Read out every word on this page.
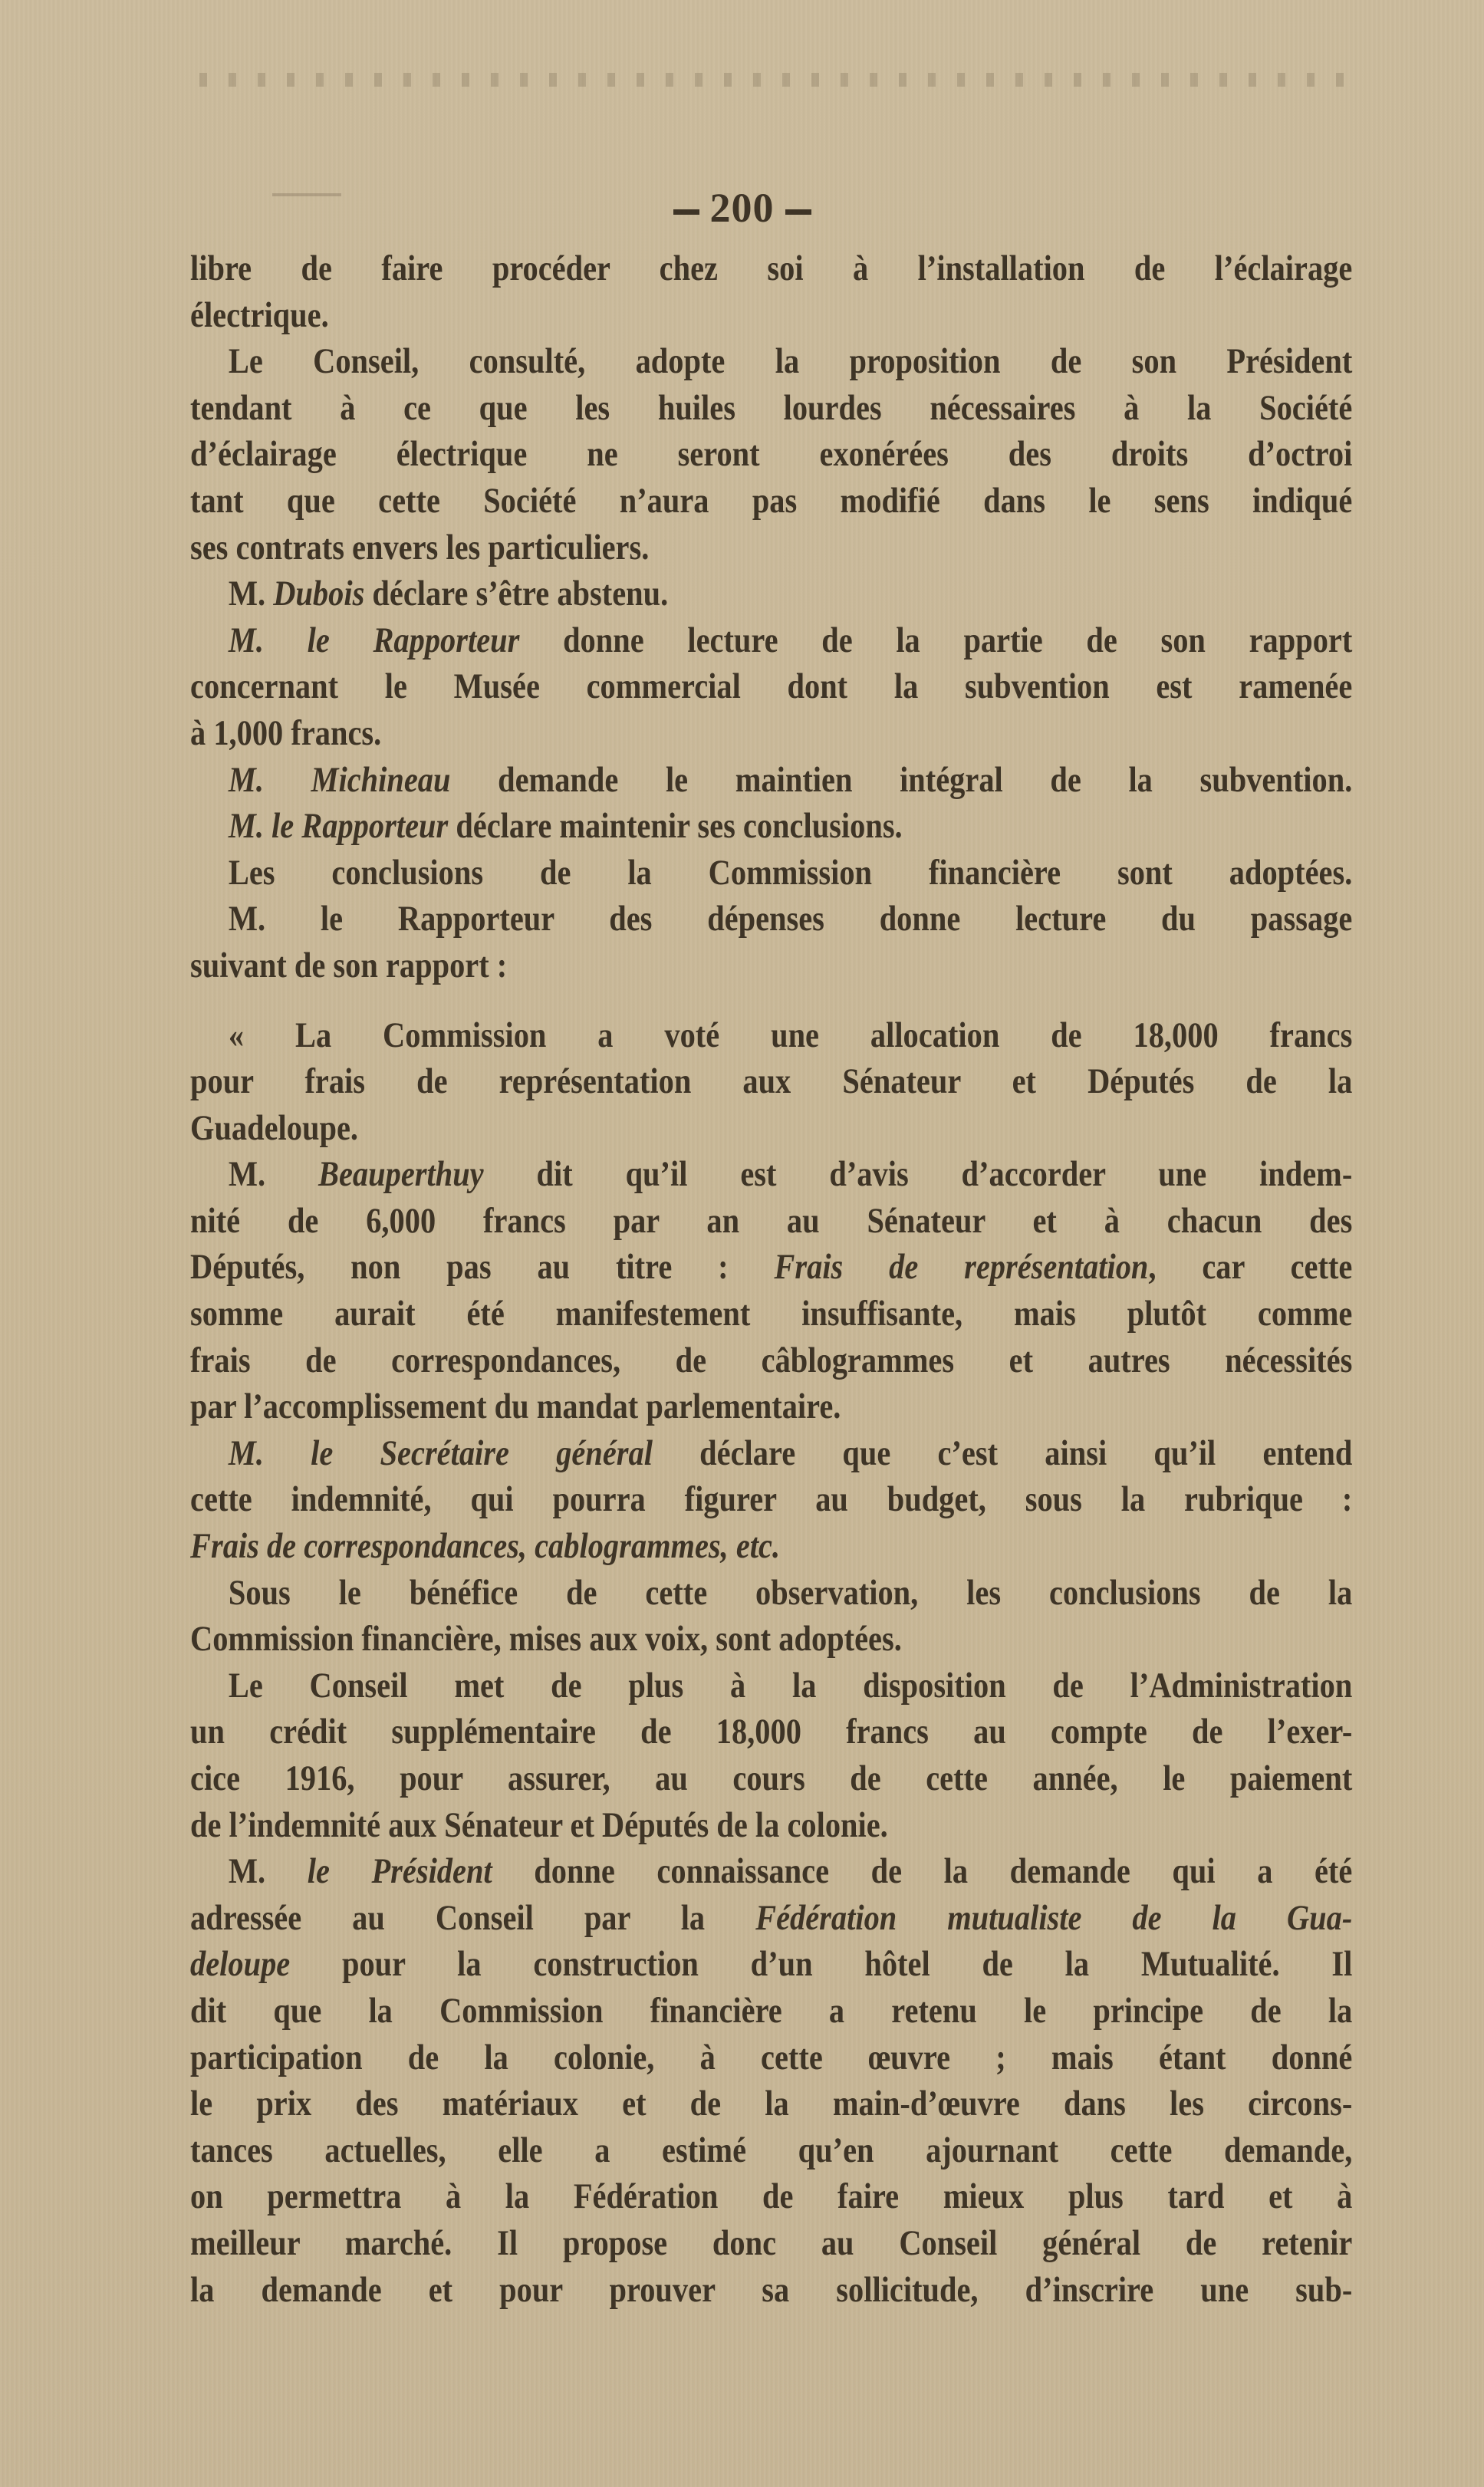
200
libre de faire procéder chez soi à l’installation de l’éclairage
électrique.
Le Conseil, consulté, adopte la proposition de son Président
tendant à ce que les huiles lourdes nécessaires à la Société
d’éclairage électrique ne seront exonérées des droits d’octroi
tant que cette Société n’aura pas modifié dans le sens indiqué
ses contrats envers les particuliers.
M. Dubois déclare s’être abstenu.
M. le Rapporteur donne lecture de la partie de son rapport
concernant le Musée commercial dont la subvention est ramenée
à 1,000 francs.
M. Michineau demande le maintien intégral de la subvention.
M. le Rapporteur déclare maintenir ses conclusions.
Les conclusions de la Commission financière sont adoptées.
M. le Rapporteur des dépenses donne lecture du passage
suivant de son rapport :
« La Commission a voté une allocation de 18,000 francs
pour frais de représentation aux Sénateur et Députés de la
Guadeloupe.
M. Beauperthuy dit qu’il est d’avis d’accorder une indem-
nité de 6,000 francs par an au Sénateur et à chacun des
Députés, non pas au titre : Frais de représentation, car cette
somme aurait été manifestement insuffisante, mais plutôt comme
frais de correspondances, de câblogrammes et autres nécessités
par l’accomplissement du mandat parlementaire.
M. le Secrétaire général déclare que c’est ainsi qu’il entend
cette indemnité, qui pourra figurer au budget, sous la rubrique :
Frais de correspondances, cablogrammes, etc.
Sous le bénéfice de cette observation, les conclusions de la
Commission financière, mises aux voix, sont adoptées.
Le Conseil met de plus à la disposition de l’Administration
un crédit supplémentaire de 18,000 francs au compte de l’exer-
cice 1916, pour assurer, au cours de cette année, le paiement
de l’indemnité aux Sénateur et Députés de la colonie.
M. le Président donne connaissance de la demande qui a été
adressée au Conseil par la Fédération mutualiste de la Gua-
deloupe pour la construction d’un hôtel de la Mutualité. Il
dit que la Commission financière a retenu le principe de la
participation de la colonie, à cette œuvre ; mais étant donné
le prix des matériaux et de la main-d’œuvre dans les circons-
tances actuelles, elle a estimé qu’en ajournant cette demande,
on permettra à la Fédération de faire mieux plus tard et à
meilleur marché. Il propose donc au Conseil général de retenir
la demande et pour prouver sa sollicitude, d’inscrire une sub-
